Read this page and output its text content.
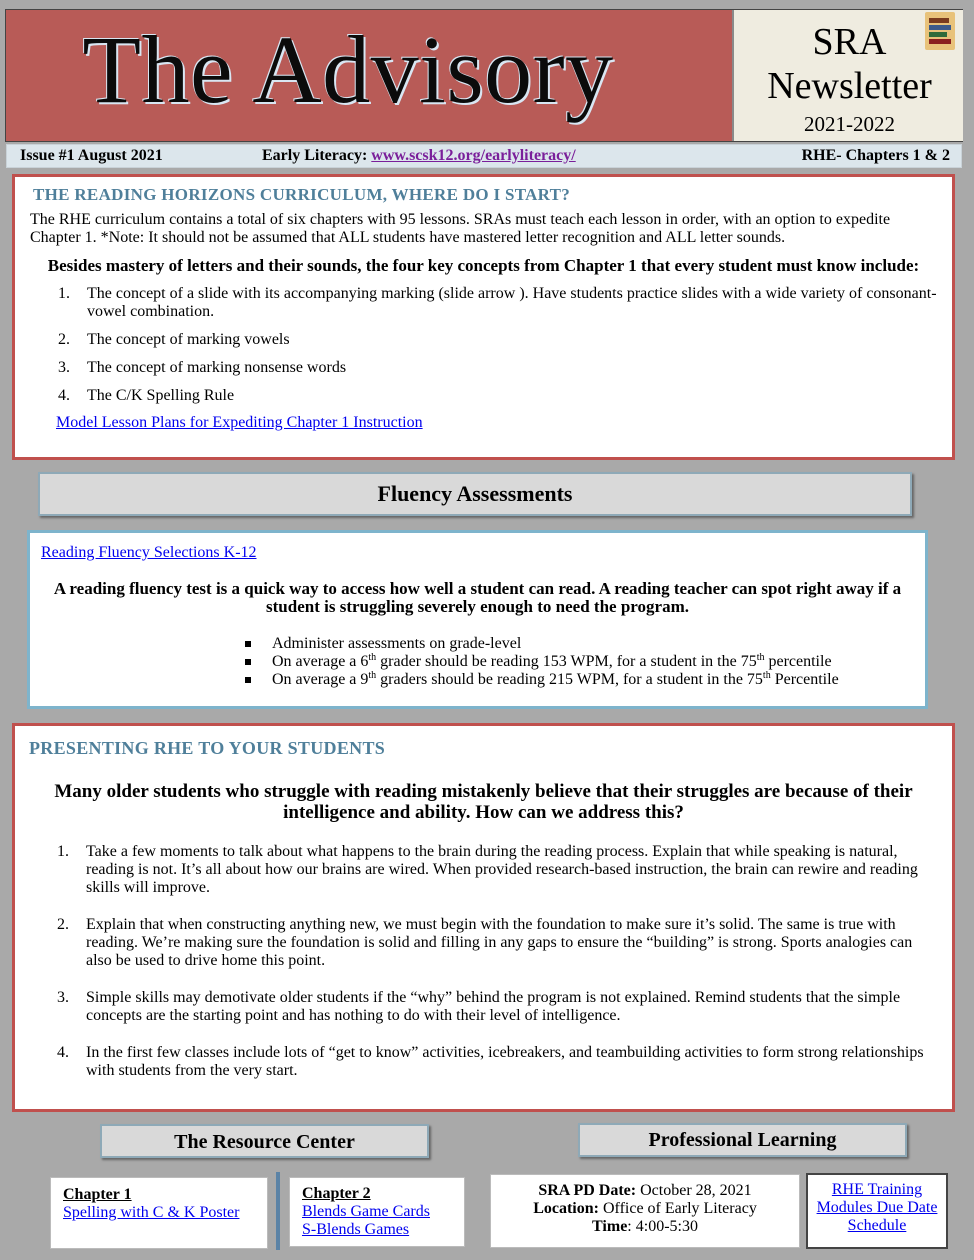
The Advisory	SRA
Newsletter
2021-2022
Issue #1 August 2021	Early Literacy: www.scsk12.org/earlyliteracy/	RHE- Chapters 1 & 2
THE READING HORIZONS CURRICULUM, WHERE DO I START?

The RHE curriculum contains a total of six chapters with 95 lessons. SRAs must teach each lesson in order, with an option to expedite Chapter 1. *Note: It should not be assumed that ALL students have mastered letter recognition and ALL letter sounds.

Besides mastery of letters and their sounds, the four key concepts from Chapter 1 that every student must know include:

1. The concept of a slide with its accompanying marking (slide arrow ). Have students practice slides with a wide variety of consonant- vowel combination.
2. The concept of marking vowels
3. The concept of marking nonsense words
4. The C/K Spelling Rule
Model Lesson Plans for Expediting Chapter 1 Instruction
Fluency Assessments
Reading Fluency Selections K-12

A reading fluency test is a quick way to access how well a student can read. A reading teacher can spot right away if a student is struggling severely enough to need the program.

Administer assessments on grade-level
On average a 6th grader should be reading 153 WPM, for a student in the 75th percentile
On average a 9th graders should be reading 215 WPM, for a student in the 75th Percentile
PRESENTING RHE TO YOUR STUDENTS

Many older students who struggle with reading mistakenly believe that their struggles are because of their intelligence and ability. How can we address this?

1. Take a few moments to talk about what happens to the brain during the reading process. Explain that while speaking is natural, reading is not. It’s all about how our brains are wired. When provided research-based instruction, the brain can rewire and reading skills will improve.
2. Explain that when constructing anything new, we must begin with the foundation to make sure it’s solid. The same is true with reading. We’re making sure the foundation is solid and filling in any gaps to ensure the “building” is strong. Sports analogies can also be used to drive home this point.
3. Simple skills may demotivate older students if the “why” behind the program is not explained. Remind students that the simple concepts are the starting point and has nothing to do with their level of intelligence.
4. In the first few classes include lots of “get to know” activities, icebreakers, and teambuilding activities to form strong relationships with students from the very start.
The Resource Center	Professional Learning
Chapter 1
Spelling with C & K Poster
Chapter 2
Blends Game Cards
S-Blends Games
SRA PD Date: October 28, 2021
Location: Office of Early Literacy
Time: 4:00-5:30
RHE Training Modules Due Date Schedule
